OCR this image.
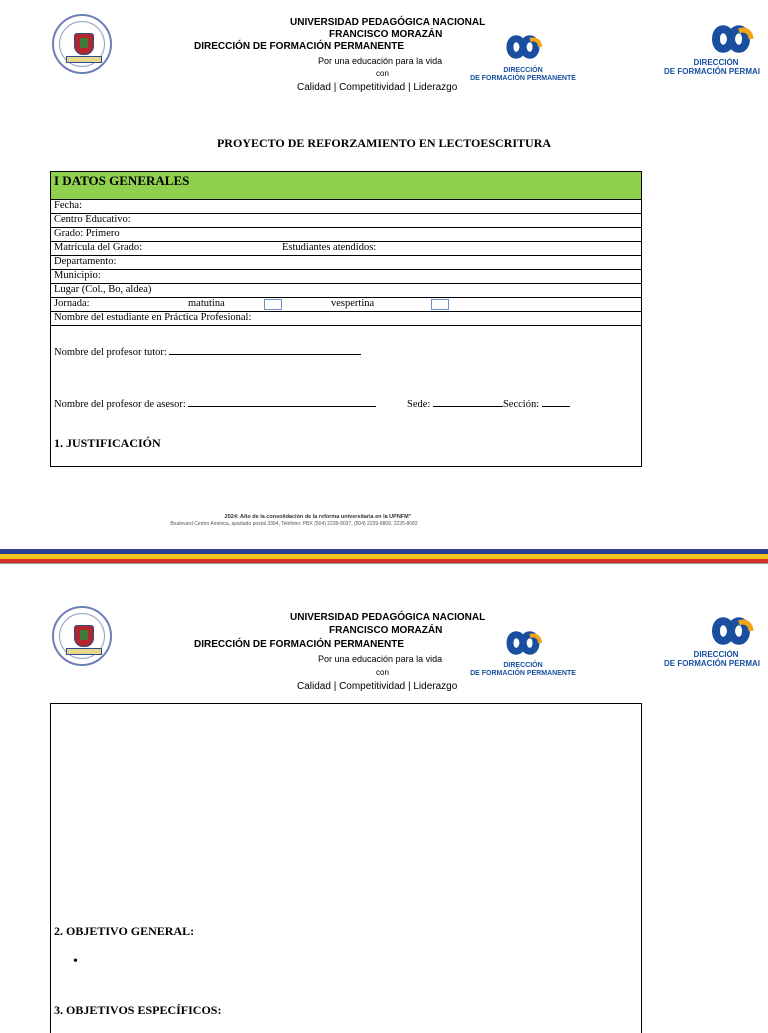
UNIVERSIDAD PEDAGÓGICA NACIONAL
FRANCISCO MORAZÁN
DIRECCIÓN DE FORMACIÓN PERMANENTE
Por una educación para la vida
con
Calidad | Competitividad | Liderazgo
DIRECCIÓN
DE FORMACIÓN PERMANENTE
DIRECCIÓN
DE FORMACIÓN PERMAI
PROYECTO DE REFORZAMIENTO EN LECTOESCRITURA
I DATOS GENERALES
Fecha:
Centro Educativo:
Grado: Primero
Matrícula del Grado:	Estudiantes atendidos:
Departamento:
Municipio:
Lugar (Col., Bo, aldea)
Jornada:	matutina	vespertina
Nombre del estudiante en Práctica Profesional:
Nombre del profesor tutor:
Nombre del profesor de asesor:	Sede:	Sección:
1. JUSTIFICACIÓN
2024: Año de la consolidación de la reforma universitaria en la UPNFM"
Boulevard Centro América, apartado postal 3394, Teléfono: PBX (504) 2239-8037, (504) 2239-8809, 2235-8082
UNIVERSIDAD PEDAGÓGICA NACIONAL
FRANCISCO MORAZÁN
DIRECCIÓN DE FORMACIÓN PERMANENTE
Por una educación para la vida
con
Calidad | Competitividad | Liderazgo
DIRECCIÓN
DE FORMACIÓN PERMANENTE
DIRECCIÓN
DE FORMACIÓN PERMAI
2. OBJETIVO GENERAL:
•
3. OBJETIVOS ESPECÍFICOS:
